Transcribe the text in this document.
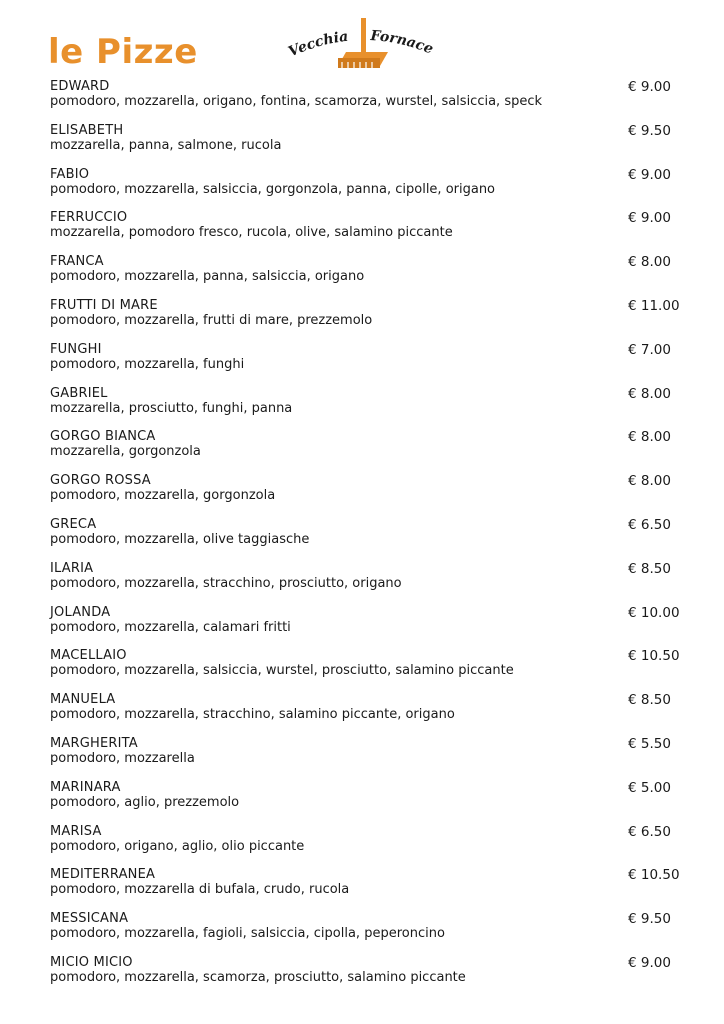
le Pizze	Vecchia Fornace
EDWARD
pomodoro, mozzarella, origano, fontina, scamorza, wurstel, salsiccia, speck
€ 9.00
ELISABETH
mozzarella, panna, salmone, rucola
€ 9.50
FABIO
pomodoro, mozzarella, salsiccia, gorgonzola, panna, cipolle, origano
€ 9.00
FERRUCCIO
mozzarella, pomodoro fresco, rucola, olive, salamino piccante
€ 9.00
FRANCA
pomodoro, mozzarella, panna, salsiccia, origano
€ 8.00
FRUTTI DI MARE
pomodoro, mozzarella, frutti di mare, prezzemolo
€ 11.00
FUNGHI
pomodoro, mozzarella, funghi
€ 7.00
GABRIEL
mozzarella, prosciutto, funghi, panna
€ 8.00
GORGO BIANCA
mozzarella, gorgonzola
€ 8.00
GORGO ROSSA
pomodoro, mozzarella, gorgonzola
€ 8.00
GRECA
pomodoro, mozzarella, olive taggiasche
€ 6.50
ILARIA
pomodoro, mozzarella, stracchino, prosciutto, origano
€ 8.50
JOLANDA
pomodoro, mozzarella, calamari fritti
€ 10.00
MACELLAIO
pomodoro, mozzarella, salsiccia, wurstel, prosciutto, salamino piccante
€ 10.50
MANUELA
pomodoro, mozzarella, stracchino, salamino piccante, origano
€ 8.50
MARGHERITA
pomodoro, mozzarella
€ 5.50
MARINARA
pomodoro, aglio, prezzemolo
€ 5.00
MARISA
pomodoro, origano, aglio, olio piccante
€ 6.50
MEDITERRANEA
pomodoro, mozzarella di bufala, crudo, rucola
€ 10.50
MESSICANA
pomodoro, mozzarella, fagioli, salsiccia, cipolla, peperoncino
€ 9.50
MICIO MICIO
pomodoro, mozzarella, scamorza, prosciutto, salamino piccante
€ 9.00
